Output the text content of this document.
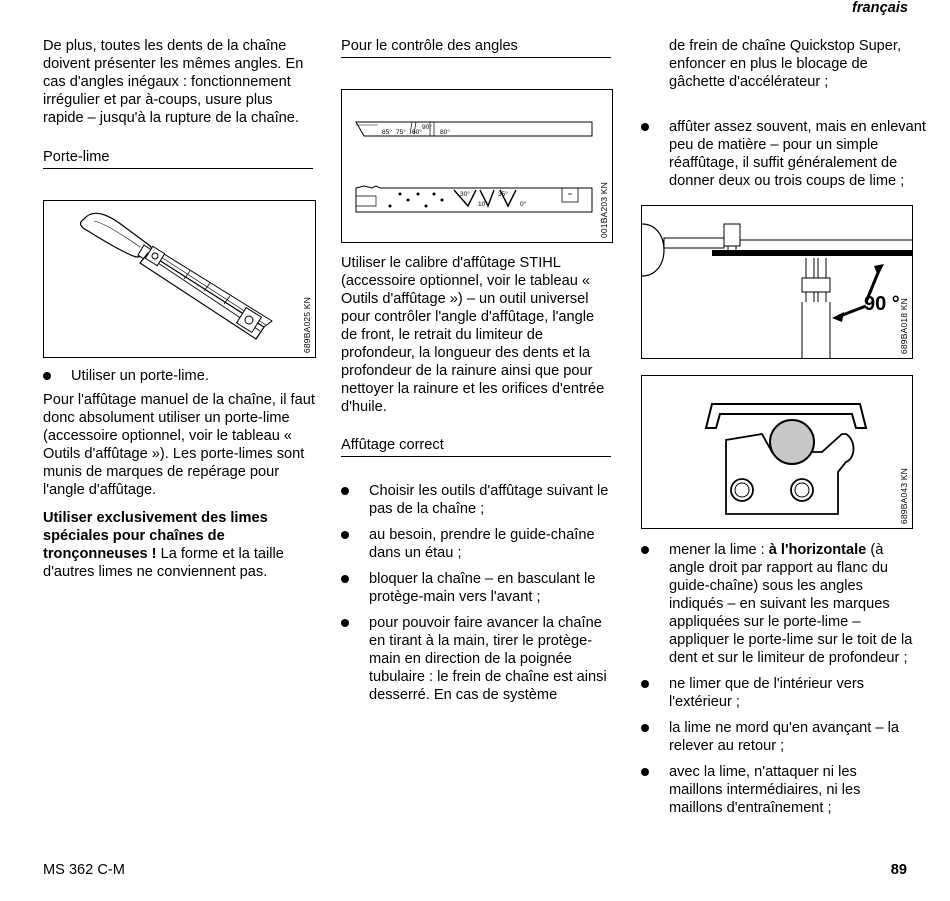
français

De plus, toutes les dents de la chaîne doivent présenter les mêmes angles. En cas d'angles inégaux : fonctionnement irrégulier et par à-coups, usure plus rapide – jusqu'à la rupture de la chaîne.

Porte-lime
689BA025 KN
Utiliser un porte-lime.

Pour l'affûtage manuel de la chaîne, il faut donc absolument utiliser un porte-lime (accessoire optionnel, voir le tableau « Outils d'affûtage »). Les porte-limes sont munis de marques de repérage pour l'angle d'affûtage.

Utiliser exclusivement des limes spéciales pour chaînes de tronçonneuses ! La forme et la taille d'autres limes ne conviennent pas.

Pour le contrôle des angles
85° 75° 60°
90°
80°
30°
10°
35°
0°	001BA203 KN

Utiliser le calibre d'affûtage STIHL (accessoire optionnel, voir le tableau « Outils d'affûtage ») – un outil universel pour contrôler l'angle d'affûtage, l'angle de front, le retrait du limiteur de profondeur, la longueur des dents et la profondeur de la rainure ainsi que pour nettoyer la rainure et les orifices d'entrée d'huile.

Affûtage correct
Choisir les outils d'affûtage suivant le pas de la chaîne ;
au besoin, prendre le guide-chaîne dans un étau ;
bloquer la chaîne – en basculant le protège-main vers l'avant ;
pour pouvoir faire avancer la chaîne en tirant à la main, tirer le protège-main en direction de la poignée tubulaire : le frein de chaîne est ainsi desserré. En cas de système

de frein de chaîne Quickstop Super, enfoncer en plus le blocage de gâchette d'accélérateur ;

affûter assez souvent, mais en enlevant peu de matière – pour un simple réaffûtage, il suffit généralement de donner deux ou trois coups de lime ;
90 ° 689BA018 KN
689BA043 KN
mener la lime : à l'horizontale (à angle droit par rapport au flanc du guide-chaîne) sous les angles indiqués – en suivant les marques appliquées sur le porte-lime – appliquer le porte-lime sur le toit de la dent et sur le limiteur de profondeur ;
ne limer que de l'intérieur vers l'extérieur ;
la lime ne mord qu'en avançant – la relever au retour ;
avec la lime, n'attaquer ni les maillons intermédiaires, ni les maillons d'entraînement ;
MS 362 C-M	89
